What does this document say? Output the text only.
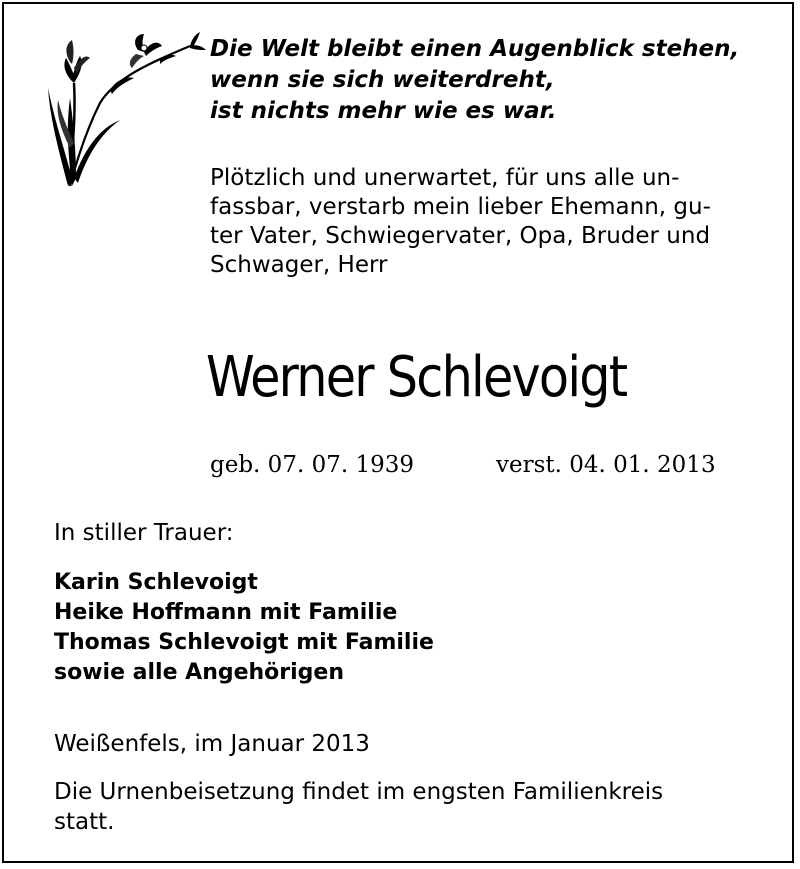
Die Welt bleibt einen Augenblick stehen,
wenn sie sich weiterdreht,
ist nichts mehr wie es war.
Plötzlich und unerwartet, für uns alle un-
fassbar, verstarb mein lieber Ehemann, gu-
ter Vater, Schwiegervater, Opa, Bruder und
Schwager, Herr
Werner Schlevoigt
geb. 07. 07. 1939	verst. 04. 01. 2013
In stiller Trauer:
Karin Schlevoigt
Heike Hoffmann mit Familie
Thomas Schlevoigt mit Familie
sowie alle Angehörigen
Weißenfels, im Januar 2013
Die Urnenbeisetzung findet im engsten Familienkreis
statt.
